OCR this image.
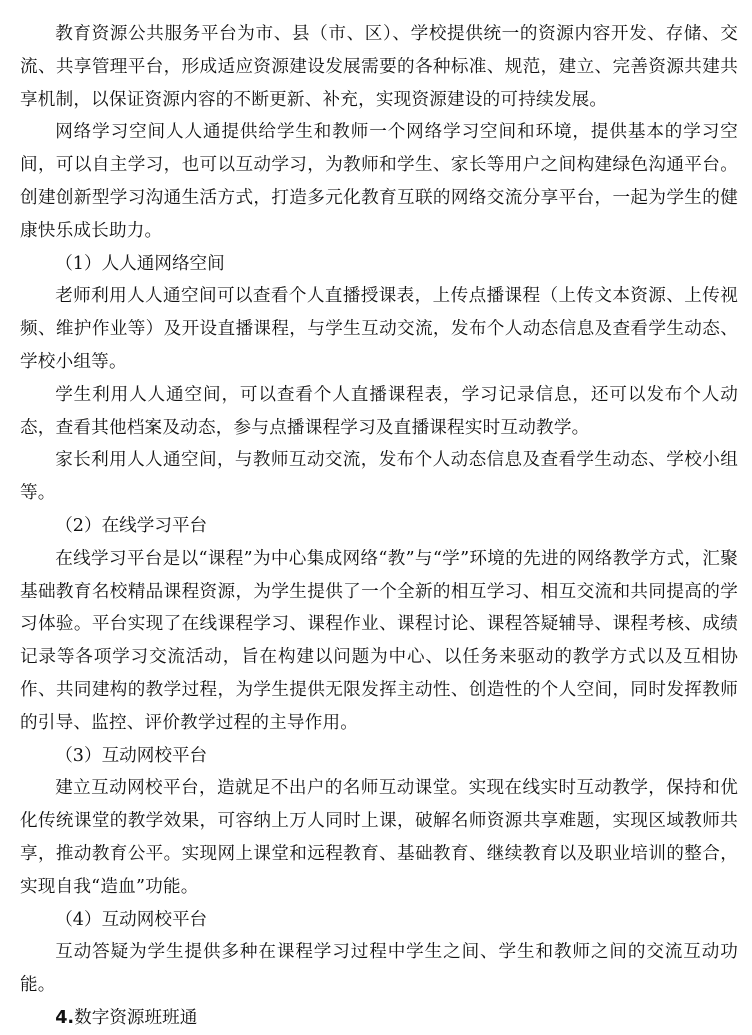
教育资源公共服务平台为市、县（市、区）、学校提供统一的资源内容开发、存储、交流、共享管理平台，形成适应资源建设发展需要的各种标准、规范，建立、完善资源共建共享机制，以保证资源内容的不断更新、补充，实现资源建设的可持续发展。

网络学习空间人人通提供给学生和教师一个网络学习空间和环境，提供基本的学习空间，可以自主学习，也可以互动学习，为教师和学生、家长等用户之间构建绿色沟通平台。创建创新型学习沟通生活方式，打造多元化教育互联的网络交流分享平台，一起为学生的健康快乐成长助力。

（1）人人通网络空间

老师利用人人通空间可以查看个人直播授课表，上传点播课程（上传文本资源、上传视频、维护作业等）及开设直播课程，与学生互动交流，发布个人动态信息及查看学生动态、学校小组等。

学生利用人人通空间，可以查看个人直播课程表，学习记录信息，还可以发布个人动态，查看其他档案及动态，参与点播课程学习及直播课程实时互动教学。

家长利用人人通空间，与教师互动交流，发布个人动态信息及查看学生动态、学校小组等。

（2）在线学习平台

在线学习平台是以“课程”为中心集成网络“教”与“学”环境的先进的网络教学方式，汇聚基础教育名校精品课程资源，为学生提供了一个全新的相互学习、相互交流和共同提高的学习体验。平台实现了在线课程学习、课程作业、课程讨论、课程答疑辅导、课程考核、成绩记录等各项学习交流活动，旨在构建以问题为中心、以任务来驱动的教学方式以及互相协作、共同建构的教学过程，为学生提供无限发挥主动性、创造性的个人空间，同时发挥教师的引导、监控、评价教学过程的主导作用。

（3）互动网校平台

建立互动网校平台，造就足不出户的名师互动课堂。实现在线实时互动教学，保持和优化传统课堂的教学效果，可容纳上万人同时上课，破解名师资源共享难题，实现区域教师共享，推动教育公平。实现网上课堂和远程教育、基础教育、继续教育以及职业培训的整合，实现自我“造血”功能。

（4）互动网校平台

互动答疑为学生提供多种在课程学习过程中学生之间、学生和教师之间的交流互动功能。

4.数字资源班班通
